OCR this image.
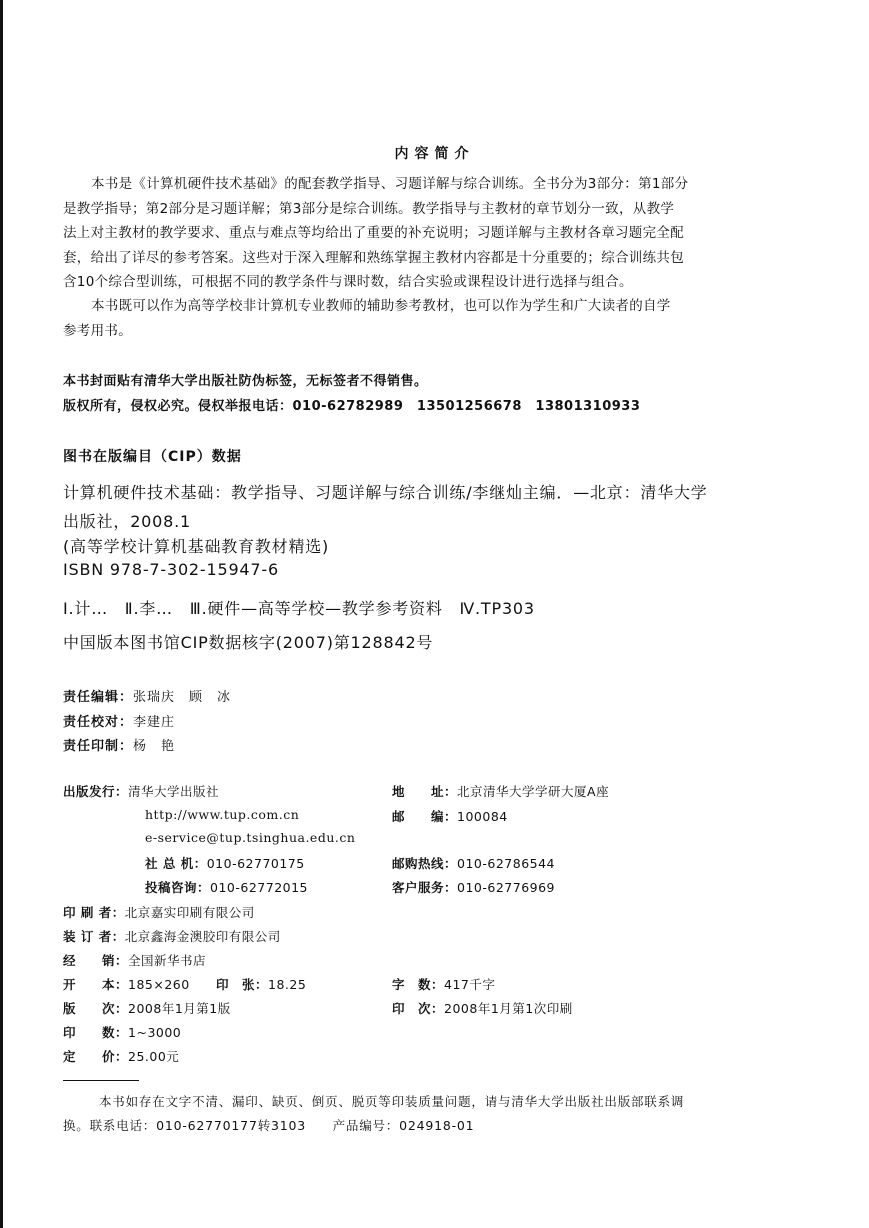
内容简介

本书是《计算机硬件技术基础》的配套教学指导、习题详解与综合训练。全书分为3部分：第1部分

是教学指导；第2部分是习题详解；第3部分是综合训练。教学指导与主教材的章节划分一致，从教学

法上对主教材的教学要求、重点与难点等均给出了重要的补充说明；习题详解与主教材各章习题完全配

套，给出了详尽的参考答案。这些对于深入理解和熟练掌握主教材内容都是十分重要的；综合训练共包

含10个综合型训练，可根据不同的教学条件与课时数，结合实验或课程设计进行选择与组合。

本书既可以作为高等学校非计算机专业教师的辅助参考教材，也可以作为学生和广大读者的自学

参考用书。

本书封面贴有清华大学出版社防伪标签，无标签者不得销售。
版权所有，侵权必究。侵权举报电话：010-62782989　13501256678　13801310933
图书在版编目（CIP）数据
计算机硬件技术基础：教学指导、习题详解与综合训练/李继灿主编．—北京：清华大学
出版社，2008.1
(高等学校计算机基础教育教材精选)
ISBN 978-7-302-15947-6
Ⅰ.计…　Ⅱ.李…　Ⅲ.硬件—高等学校—教学参考资料　Ⅳ.TP303
中国版本图书馆CIP数据核字(2007)第128842号
责任编辑：张瑞庆　顾　冰
责任校对：李建庄
责任印制：杨　艳
出版发行：清华大学出版社	地　　址：北京清华大学学研大厦A座
http://www.tup.com.cn	邮　　编：100084
e-service@tup.tsinghua.edu.cn
社 总 机：010-62770175	邮购热线：010-62786544
投稿咨询：010-62772015	客户服务：010-62776969
印 刷 者：北京嘉实印刷有限公司
装 订 者：北京鑫海金澳胶印有限公司
经　　销：全国新华书店
开　　本：185×260 印　张：18.25	字　数：417千字
版　　次：2008年1月第1版	印　次：2008年1月第1次印刷
印　　数：1~3000
定　　价：25.00元
本书如存在文字不清、漏印、缺页、倒页、脱页等印装质量问题，请与清华大学出版社出版部联系调
换。联系电话：010-62770177转3103　　产品编号：024918-01
